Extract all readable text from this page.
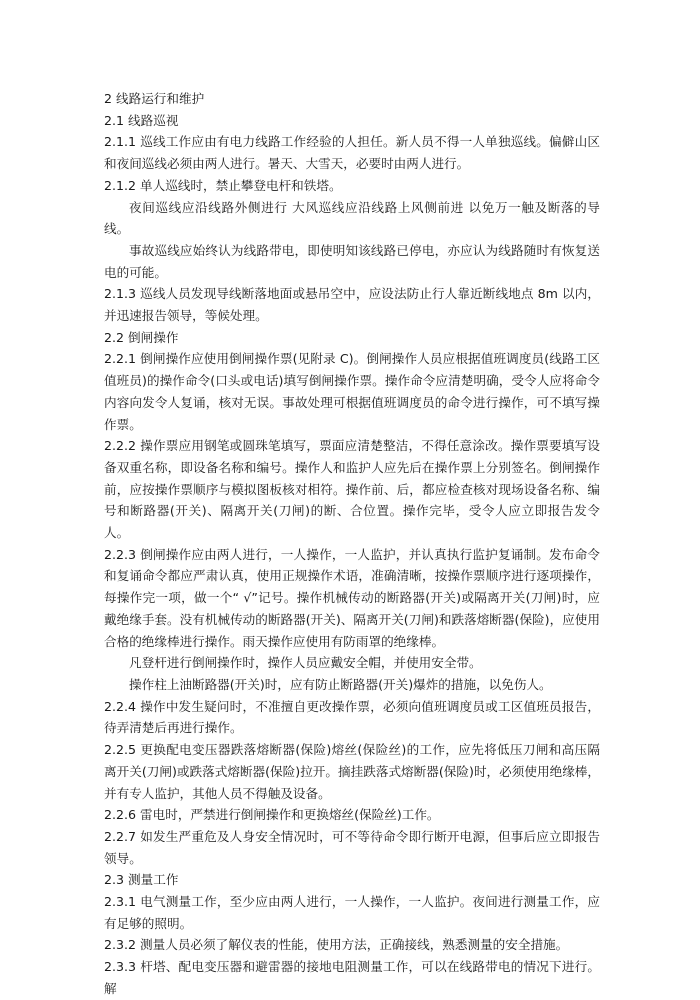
2 线路运行和维护

2.1 线路巡视

2.1.1 巡线工作应由有电力线路工作经验的人担任。新人员不得一人单独巡线。偏僻山区和夜间巡线必须由两人进行。暑天、大雪天，必要时由两人进行。

2.1.2 单人巡线时，禁止攀登电杆和铁塔。

夜间巡线应沿线路外侧进行 大风巡线应沿线路上风侧前进 以免万一触及断落的导线。

事故巡线应始终认为线路带电，即使明知该线路已停电，亦应认为线路随时有恢复送电的可能。

2.1.3 巡线人员发现导线断落地面或悬吊空中，应设法防止行人靠近断线地点 8m 以内，并迅速报告领导，等候处理。

2.2 倒闸操作

2.2.1 倒闸操作应使用倒闸操作票(见附录 C)。倒闸操作人员应根据值班调度员(线路工区值班员)的操作命令(口头或电话)填写倒闸操作票。操作命令应清楚明确，受令人应将命令内容向发令人复诵，核对无误。事故处理可根据值班调度员的命令进行操作，可不填写操作票。

2.2.2 操作票应用钢笔或圆珠笔填写，票面应清楚整洁，不得任意涂改。操作票要填写设备双重名称，即设备名称和编号。操作人和监护人应先后在操作票上分别签名。倒闸操作前，应按操作票顺序与模拟图板核对相符。操作前、后，都应检查核对现场设备名称、编号和断路器(开关)、隔离开关(刀闸)的断、合位置。操作完毕，受令人应立即报告发令人。

2.2.3 倒闸操作应由两人进行，一人操作，一人监护，并认真执行监护复诵制。发布命令和复诵命令都应严肃认真，使用正规操作术语，准确清晰，按操作票顺序进行逐项操作，每操作完一项，做一个“ √”记号。操作机械传动的断路器(开关)或隔离开关(刀闸)时，应戴绝缘手套。没有机械传动的断路器(开关)、隔离开关(刀闸)和跌落熔断器(保险)，应使用合格的绝缘棒进行操作。雨天操作应使用有防雨罩的绝缘棒。

凡登杆进行倒闸操作时，操作人员应戴安全帽，并使用安全带。

操作柱上油断路器(开关)时，应有防止断路器(开关)爆炸的措施，以免伤人。

2.2.4 操作中发生疑问时，不准擅自更改操作票，必须向值班调度员或工区值班员报告，待弄清楚后再进行操作。

2.2.5 更换配电变压器跌落熔断器(保险)熔丝(保险丝)的工作，应先将低压刀闸和高压隔离开关(刀闸)或跌落式熔断器(保险)拉开。摘挂跌落式熔断器(保险)时，必须使用绝缘棒，并有专人监护，其他人员不得触及设备。

2.2.6 雷电时，严禁进行倒闸操作和更换熔丝(保险丝)工作。

2.2.7 如发生严重危及人身安全情况时，可不等待命令即行断开电源，但事后应立即报告领导。

2.3 测量工作

2.3.1 电气测量工作，至少应由两人进行，一人操作，一人监护。夜间进行测量工作，应有足够的照明。

2.3.2 测量人员必须了解仪表的性能，使用方法，正确接线，熟悉测量的安全措施。

2.3.3 杆塔、配电变压器和避雷器的接地电阻测量工作，可以在线路带电的情况下进行。解
